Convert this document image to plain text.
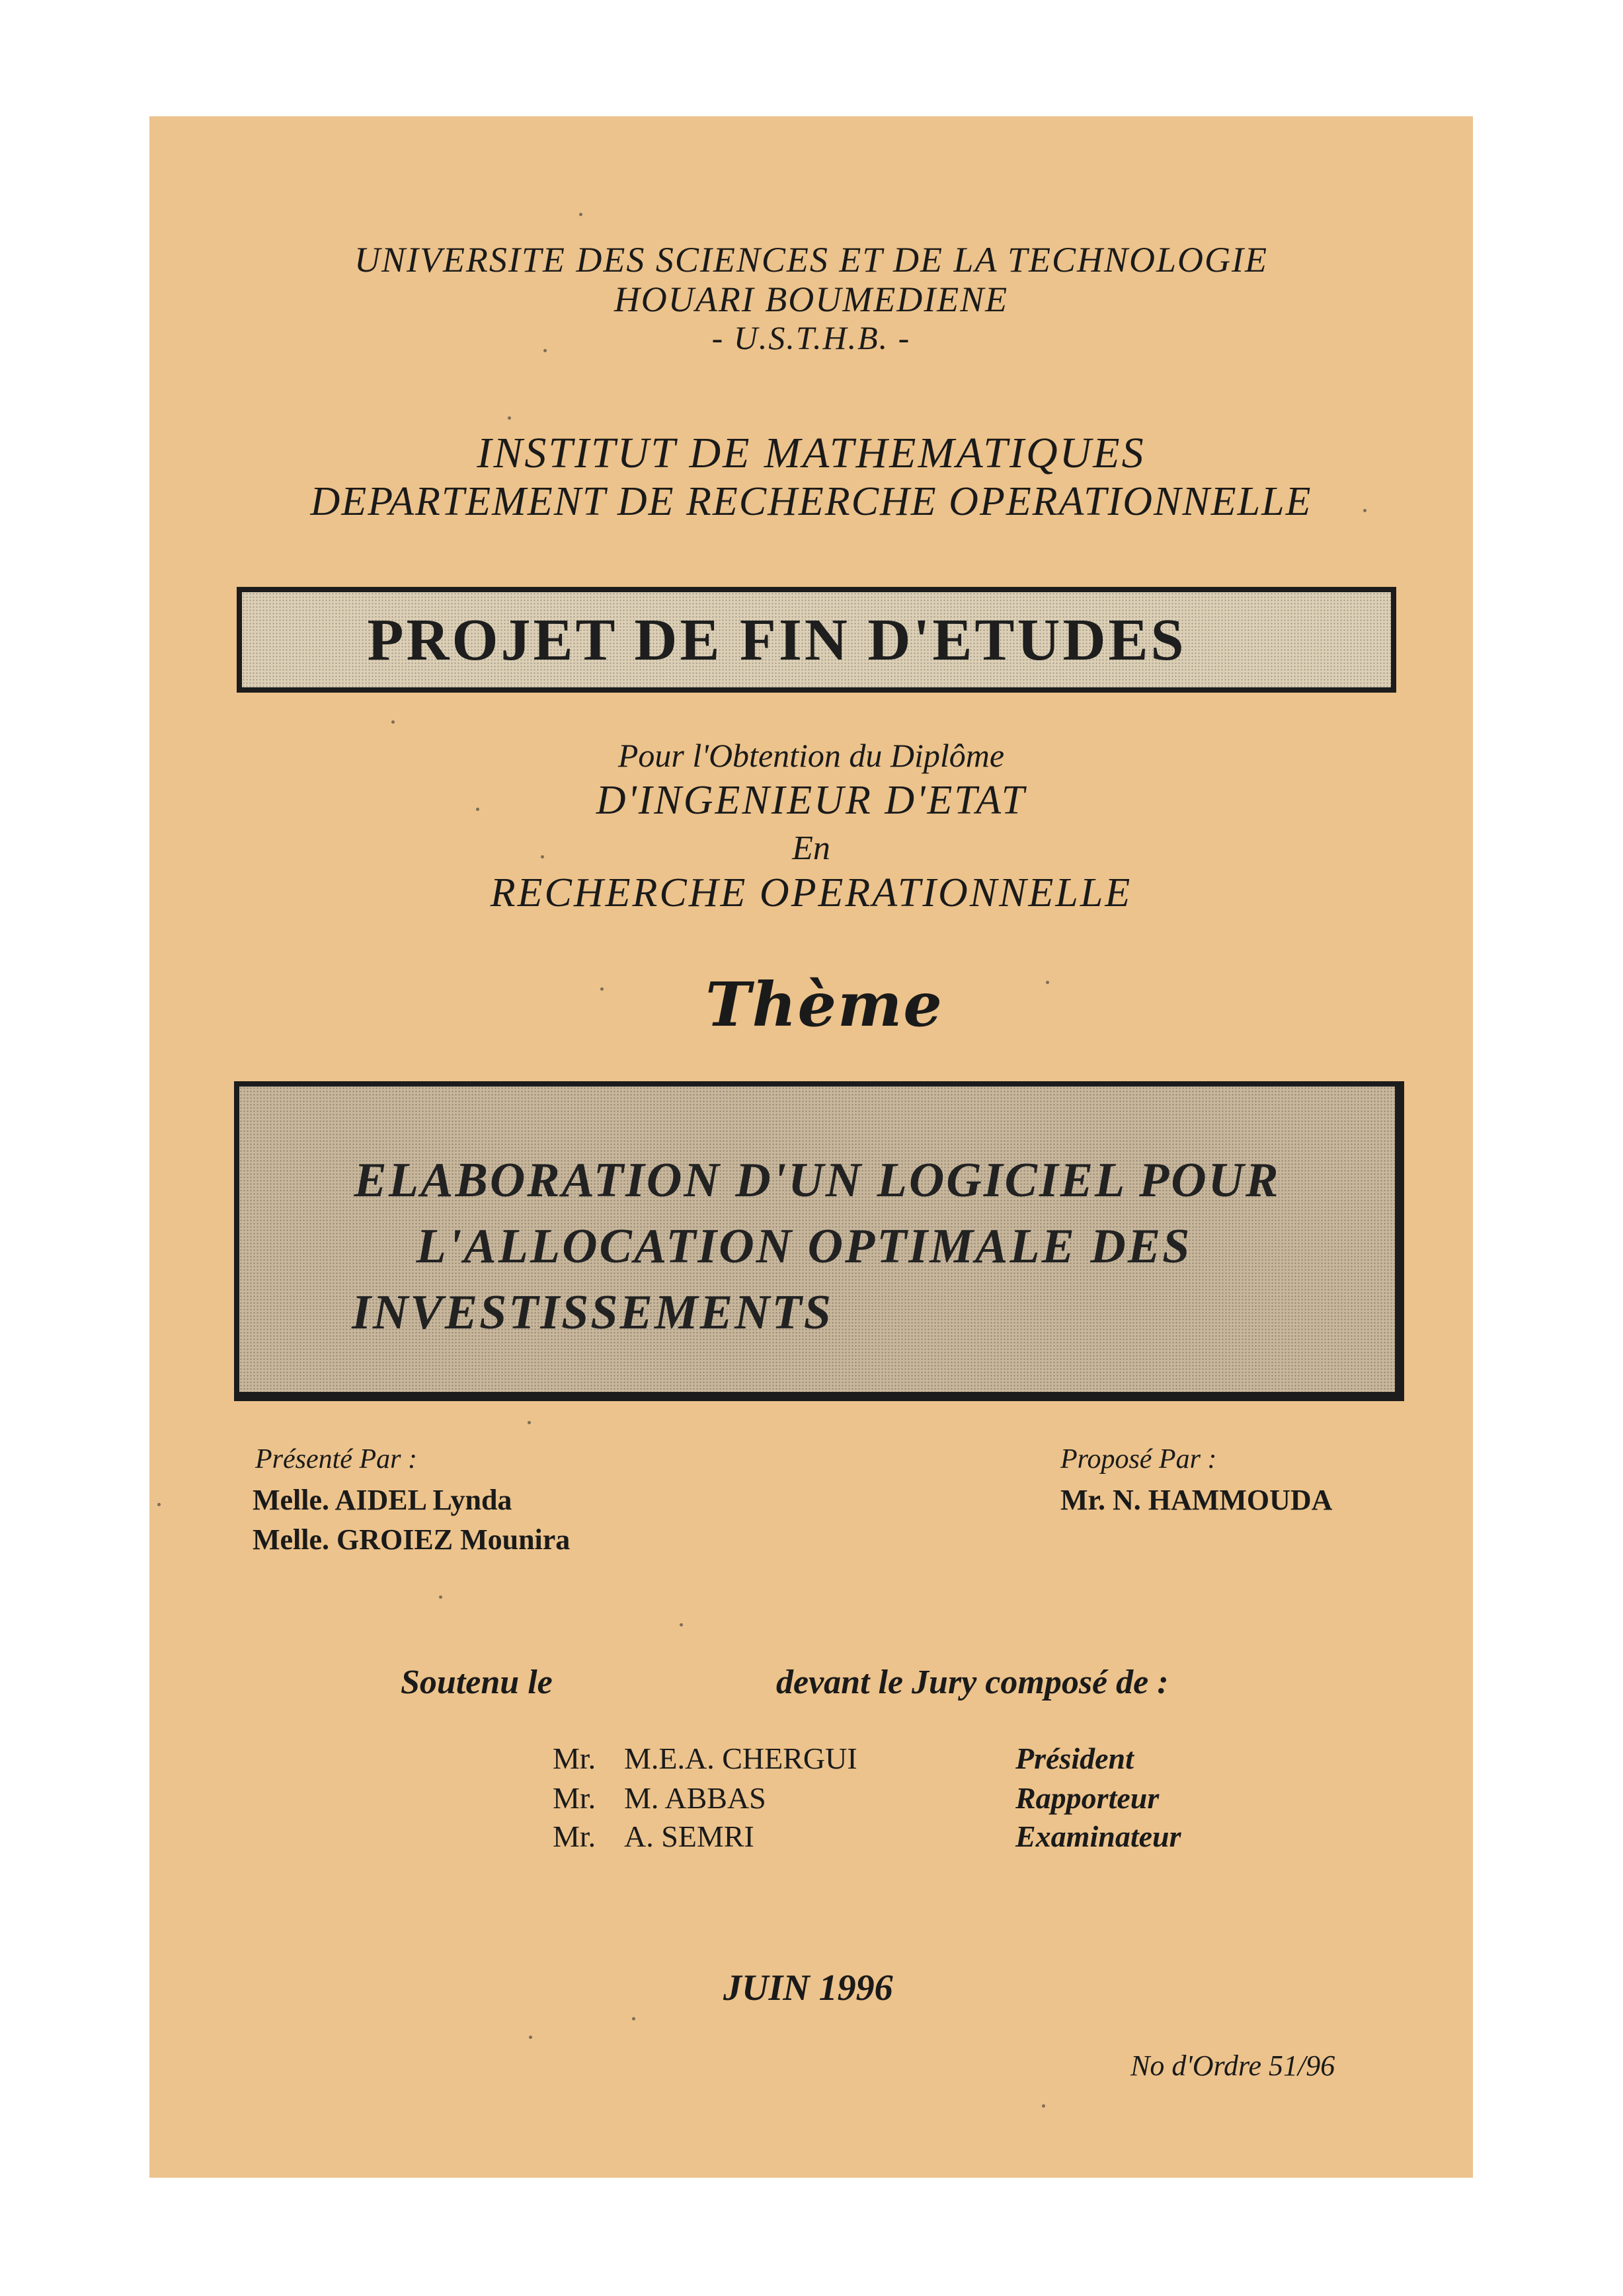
UNIVERSITE DES SCIENCES ET DE LA TECHNOLOGIE
HOUARI BOUMEDIENE
- U.S.T.H.B. -
INSTITUT DE MATHEMATIQUES
DEPARTEMENT DE RECHERCHE OPERATIONNELLE
PROJET DE FIN D'ETUDES
Pour l'Obtention du Diplôme
D'INGENIEUR D'ETAT
En
RECHERCHE OPERATIONNELLE
Thème
ELABORATION D'UN LOGICIEL POUR
L'ALLOCATION OPTIMALE DES
INVESTISSEMENTS
Présenté Par :
Melle. AIDEL Lynda
Melle. GROIEZ Mounira
Proposé Par :
Mr. N. HAMMOUDA
Soutenu le	devant le Jury composé de :
Mr. M.E.A. CHERGUI	Président
Mr. M. ABBAS	Rapporteur
Mr. A. SEMRI	Examinateur
JUIN 1996
No d'Ordre 51/96
